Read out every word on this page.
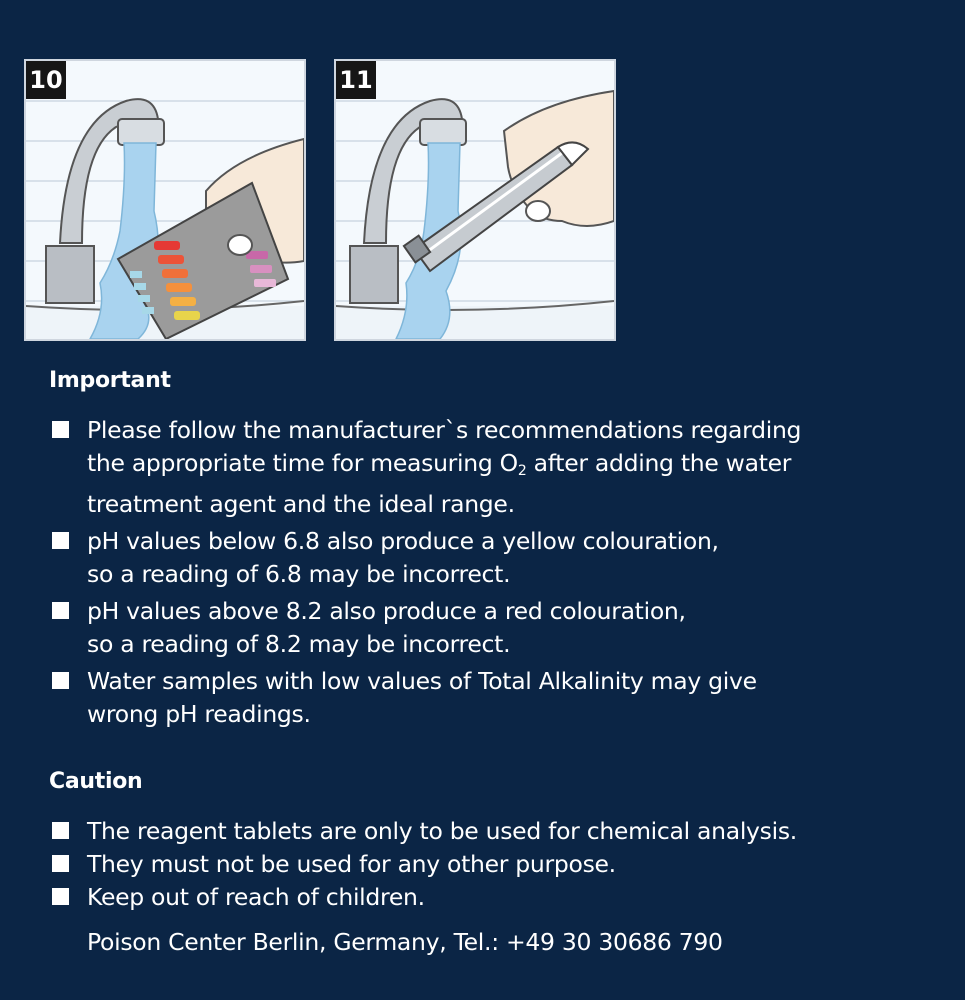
10	11
Important
Please follow the manufacturer`s recommendations regarding
the appropriate time for measuring O2 after adding the water
treatment agent and the ideal range.
pH values below 6.8 also produce a yellow colouration,
so a reading of 6.8 may be incorrect.
pH values above 8.2 also produce a red colouration,
so a reading of 8.2 may be incorrect.
Water samples with low values of Total Alkalinity may give
wrong pH readings.
Caution
The reagent tablets are only to be used for chemical analysis.
They must not be used for any other purpose.
Keep out of reach of children.
Poison Center Berlin, Germany, Tel.: +49 30 30686 790
